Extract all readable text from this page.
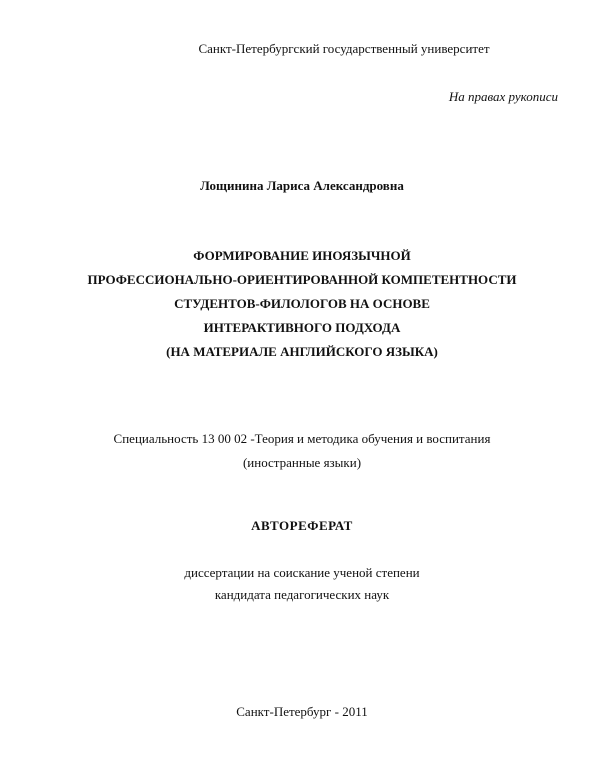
Санкт-Петербургский государственный университет
На правах рукописи
Лощинина Лариса Александровна
ФОРМИРОВАНИЕ ИНОЯЗЫЧНОЙ
ПРОФЕССИОНАЛЬНО-ОРИЕНТИРОВАННОЙ КОМПЕТЕНТНОСТИ
СТУДЕНТОВ-ФИЛОЛОГОВ НА ОСНОВЕ
ИНТЕРАКТИВНОГО ПОДХОДА
(НА МАТЕРИАЛЕ АНГЛИЙСКОГО ЯЗЫКА)
Специальность 13 00 02 -Теория и методика обучения и воспитания
(иностранные языки)
АВТОРЕФЕРАТ
диссертации на соискание ученой степени
кандидата педагогических наук
Санкт-Петербург - 2011
